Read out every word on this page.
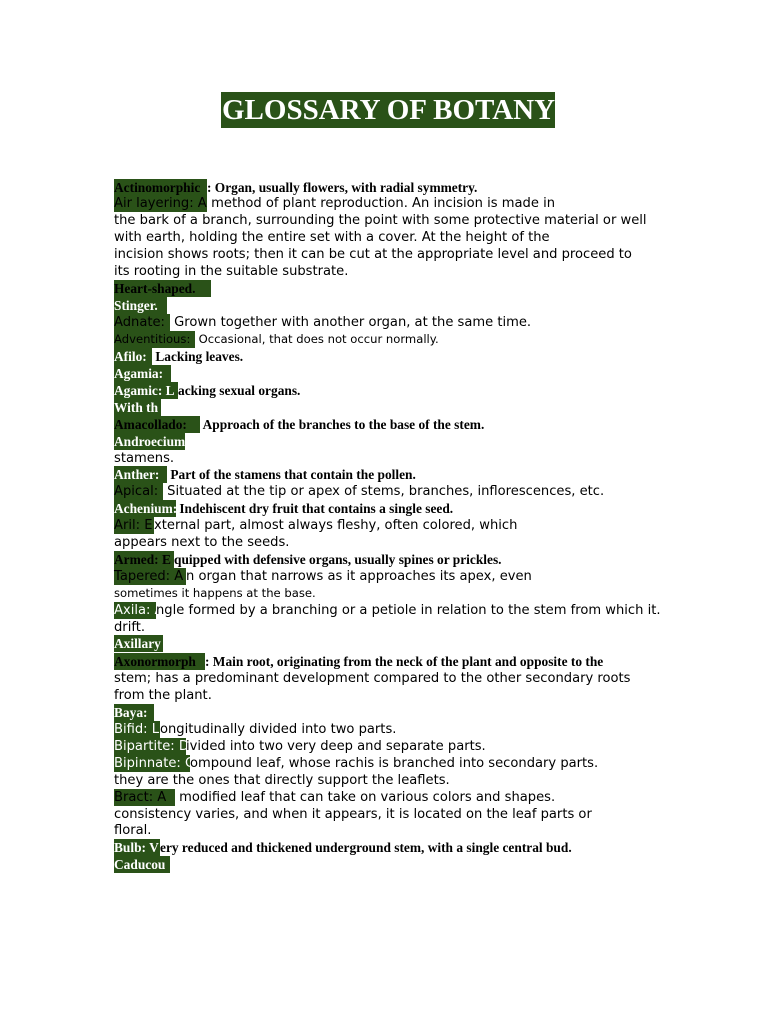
GLOSSARY OF BOTANY
Actinomorphic : Organ, usually flowers, with radial symmetry.
Air layering: A method of plant reproduction. An incision is made in
the bark of a branch, surrounding the point with some protective material or well
with earth, holding the entire set with a cover. At the height of the
incision shows roots; then it can be cut at the appropriate level and proceed to
its rooting in the suitable substrate.
Heart-shaped.
Stinger.
Adnate: Grown together with another organ, at the same time.
Adventitious: Occasional, that does not occur normally.
Afilo: Lacking leaves.
Agamia:
Agamic: L acking sexual organs.
With th
Amacollado: Approach of the branches to the base of the stem.
Androecium
stamens.
Anther: Part of the stamens that contain the pollen.
Apical: Situated at the tip or apex of stems, branches, inflorescences, etc.
Achenium: Indehiscent dry fruit that contains a single seed.
Aril: E xternal part, almost always fleshy, often colored, which
appears next to the seeds.
Armed: E quipped with defensive organs, usually spines or prickles.
Tapered: A n organ that narrows as it approaches its apex, even
sometimes it happens at the base.
Axila: Angle formed by a branching or a petiole in relation to the stem from which it.
drift.
Axillary
Axonormorph : Main root, originating from the neck of the plant and opposite to the
stem; has a predominant development compared to the other secondary roots
from the plant.
Baya:
Bifid: Longitudinally divided into two parts.
Bipartite: Divided into two very deep and separate parts.
Bipinnate: Compound leaf, whose rachis is branched into secondary parts.
they are the ones that directly support the leaflets.
Bract: A modified leaf that can take on various colors and shapes.
consistency varies, and when it appears, it is located on the leaf parts or
floral.
Bulb: Very reduced and thickened underground stem, with a single central bud.
Caducou
